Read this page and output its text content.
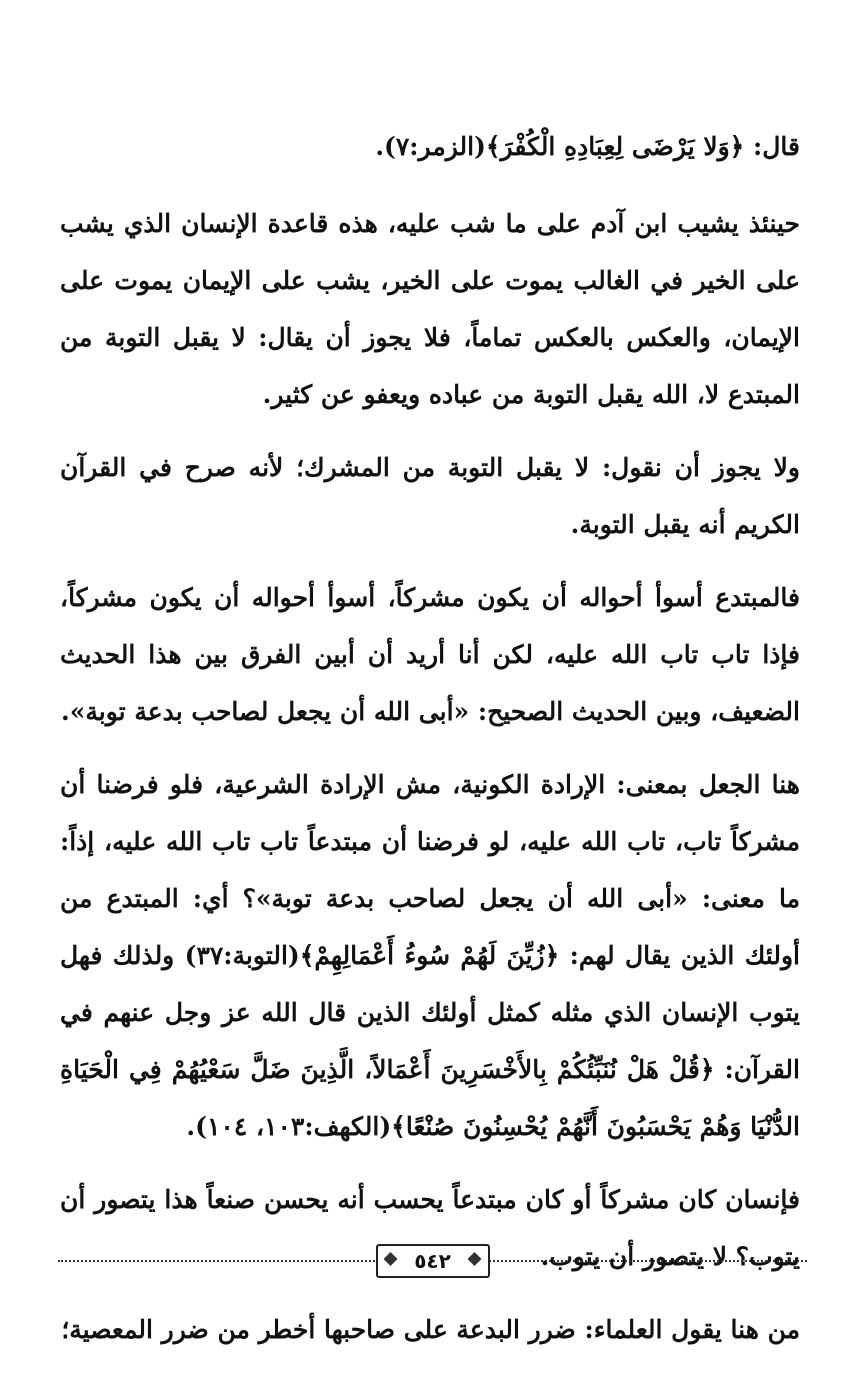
قال: ﴿وَلا يَرْضَى لِعِبَادِهِ الْكُفْرَ﴾(الزمر:٧).

حينئذ يشيب ابن آدم على ما شب عليه، هذه قاعدة الإنسان الذي يشب على الخير في الغالب يموت على الخير، يشب على الإيمان يموت على الإيمان، والعكس بالعكس تماماً، فلا يجوز أن يقال: لا يقبل التوبة من المبتدع لا، الله يقبل التوبة من عباده ويعفو عن كثير.

ولا يجوز أن نقول: لا يقبل التوبة من المشرك؛ لأنه صرح في القرآن الكريم أنه يقبل التوبة.

فالمبتدع أسوأ أحواله أن يكون مشركاً، أسوأ أحواله أن يكون مشركاً، فإذا تاب تاب الله عليه، لكن أنا أريد أن أبين الفرق بين هذا الحديث الضعيف، وبين الحديث الصحيح: «أبى الله أن يجعل لصاحب بدعة توبة».

هنا الجعل بمعنى: الإرادة الكونية، مش الإرادة الشرعية، فلو فرضنا أن مشركاً تاب، تاب الله عليه، لو فرضنا أن مبتدعاً تاب تاب الله عليه، إذاً: ما معنى: «أبى الله أن يجعل لصاحب بدعة توبة»؟ أي: المبتدع من أولئك الذين يقال لهم: ﴿زُيِّنَ لَهُمْ سُوءُ أَعْمَالِهِمْ﴾(التوبة:٣٧) ولذلك فهل يتوب الإنسان الذي مثله كمثل أولئك الذين قال الله عز وجل عنهم في القرآن: ﴿قُلْ هَلْ نُنَبِّئُكُمْ بِالأَخْسَرِينَ أَعْمَالاً، الَّذِينَ ضَلَّ سَعْيُهُمْ فِي الْحَيَاةِ الدُّنْيَا وَهُمْ يَحْسَبُونَ أَنَّهُمْ يُحْسِنُونَ صُنْعًا﴾(الكهف:١٠٣، ١٠٤).

فإنسان كان مشركاً أو كان مبتدعاً يحسب أنه يحسن صنعاً هذا يتصور أن يتوب؟ لا يتصور أن يتوب.

من هنا يقول العلماء: ضرر البدعة على صاحبها أخطر من ضرر المعصية؛

٥٤٢
